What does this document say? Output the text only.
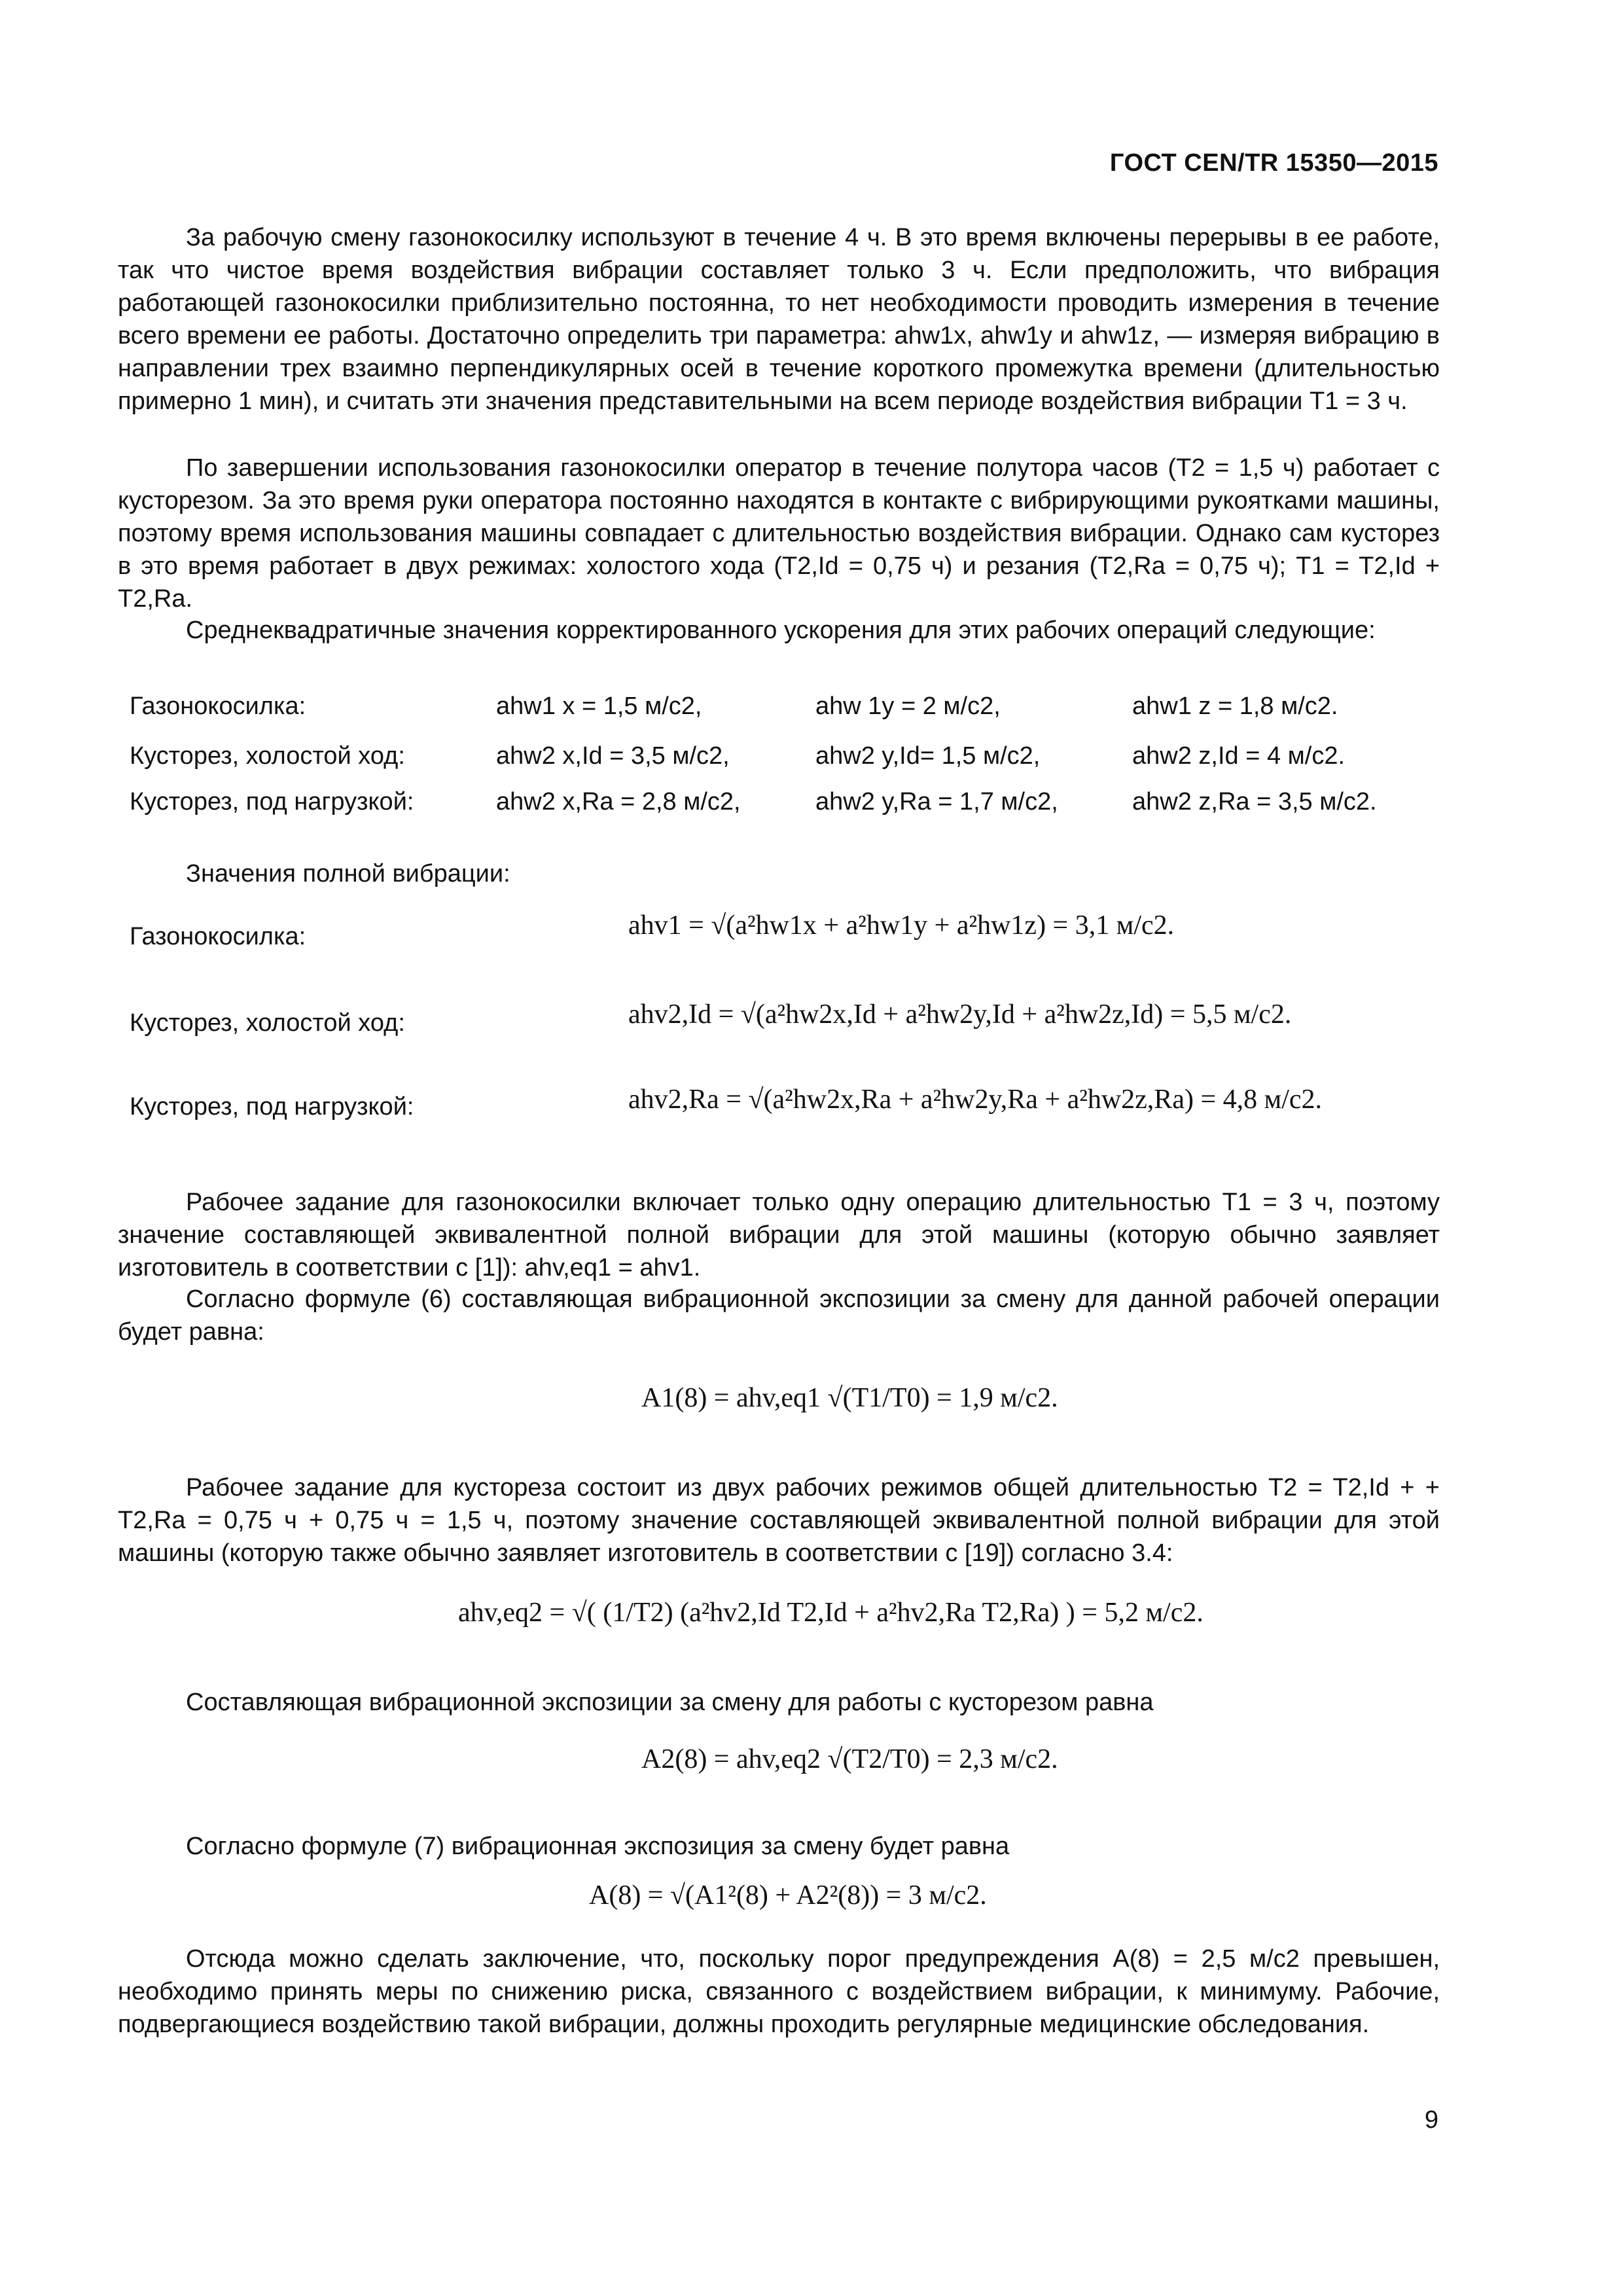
ГОСТ CEN/TR 15350—2015

За рабочую смену газонокосилку используют в течение 4 ч. В это время включены перерывы в ее работе, так что чистое время воздействия вибрации составляет только 3 ч. Если предположить, что вибрация работающей газонокосилки приблизительно постоянна, то нет необходимости проводить измерения в течение всего времени ее работы. Достаточно определить три параметра: ahw1x, ahw1y и ahw1z, — измеряя вибрацию в направлении трех взаимно перпендикулярных осей в течение короткого промежутка времени (длительностью примерно 1 мин), и считать эти значения представительными на всем периоде воздействия вибрации T1 = 3 ч.

По завершении использования газонокосилки оператор в течение полутора часов (T2 = 1,5 ч) работает с кусторезом. За это время руки оператора постоянно находятся в контакте с вибрирующими рукоятками машины, поэтому время использования машины совпадает с длительностью воздействия вибрации. Однако сам кусторез в это время работает в двух режимах: холостого хода (T2,Id = 0,75 ч) и резания (T2,Ra = 0,75 ч); T1 = T2,Id + T2,Ra.

Среднеквадратичные значения корректированного ускорения для этих рабочих операций следующие:

Газонокосилка:	ahw1 x = 1,5 м/с2,	ahw 1y = 2 м/с2,	ahw1 z = 1,8 м/с2.
Кусторез, холостой ход:	ahw2 x,Id = 3,5 м/с2,	ahw2 y,Id= 1,5 м/с2,	ahw2 z,Id = 4 м/с2.
Кусторез, под нагрузкой:	ahw2 x,Ra = 2,8 м/с2,	ahw2 y,Ra = 1,7 м/с2,	ahw2 z,Ra = 3,5 м/с2.

Значения полной вибрации:

Газонокосилка:	ahv1 = √(a²hw1x + a²hw1y + a²hw1z) = 3,1 м/с2.
Кусторез, холостой ход:	ahv2,Id = √(a²hw2x,Id + a²hw2y,Id + a²hw2z,Id) = 5,5 м/с2.
Кусторез, под нагрузкой:	ahv2,Ra = √(a²hw2x,Ra + a²hw2y,Ra + a²hw2z,Ra) = 4,8 м/с2.

Рабочее задание для газонокосилки включает только одну операцию длительностью T1 = 3 ч, поэтому значение составляющей эквивалентной полной вибрации для этой машины (которую обычно заявляет изготовитель в соответствии с [1]): ahv,eq1 = ahv1.

Согласно формуле (6) составляющая вибрационной экспозиции за смену для данной рабочей операции будет равна:

A1(8) = ahv,eq1 √(T1/T0) = 1,9 м/с2.

Рабочее задание для кустореза состоит из двух рабочих режимов общей длительностью T2 = T2,Id + + T2,Ra = 0,75 ч + 0,75 ч = 1,5 ч, поэтому значение составляющей эквивалентной полной вибрации для этой машины (которую также обычно заявляет изготовитель в соответствии с [19]) согласно 3.4:

ahv,eq2 = √( (1/T2) (a²hv2,Id T2,Id + a²hv2,Ra T2,Ra) ) = 5,2 м/с2.

Составляющая вибрационной экспозиции за смену для работы с кусторезом равна

A2(8) = ahv,eq2 √(T2/T0) = 2,3 м/с2.

Согласно формуле (7) вибрационная экспозиция за смену будет равна

A(8) = √(A1²(8) + A2²(8)) = 3 м/с2.

Отсюда можно сделать заключение, что, поскольку порог предупреждения A(8) = 2,5 м/с2 превышен, необходимо принять меры по снижению риска, связанного с воздействием вибрации, к минимуму. Рабочие, подвергающиеся воздействию такой вибрации, должны проходить регулярные медицинские обследования.

9
